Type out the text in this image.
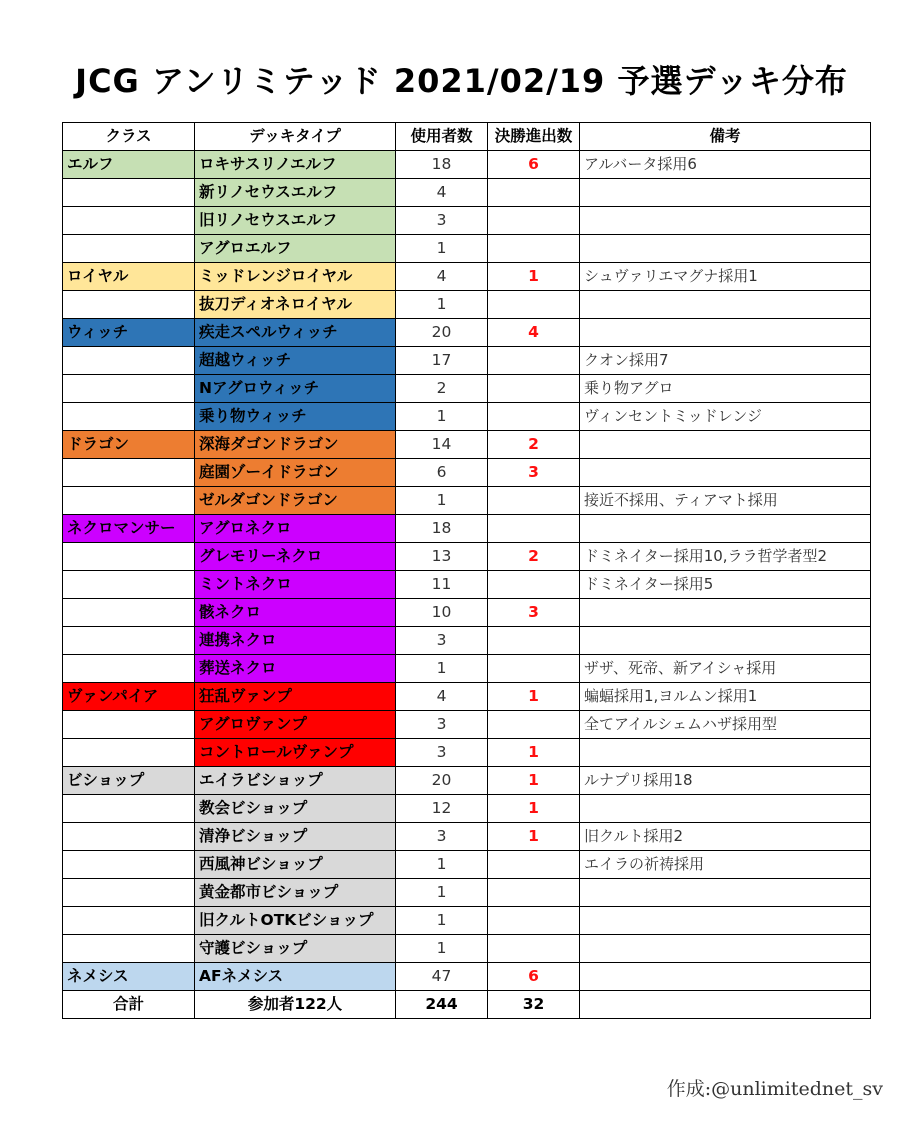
JCG アンリミテッド 2021/02/19 予選デッキ分布
クラス	デッキタイプ	使用者数	決勝進出数	備考
エルフ	ロキサスリノエルフ	18	6	アルバータ採用6
	新リノセウスエルフ	4		
	旧リノセウスエルフ	3		
	アグロエルフ	1		
ロイヤル	ミッドレンジロイヤル	4	1	シュヴァリエマグナ採用1
	抜刀ディオネロイヤル	1		
ウィッチ	疾走スペルウィッチ	20	4	
	超越ウィッチ	17		クオン採用7
	Nアグロウィッチ	2		乗り物アグロ
	乗り物ウィッチ	1		ヴィンセントミッドレンジ
ドラゴン	深海ダゴンドラゴン	14	2	
	庭園ゾーイドラゴン	6	3	
	ゼルダゴンドラゴン	1		接近不採用、ティアマト採用
ネクロマンサー	アグロネクロ	18		
	グレモリーネクロ	13	2	ドミネイター採用10,ララ哲学者型2
	ミントネクロ	11		ドミネイター採用5
	骸ネクロ	10	3	
	連携ネクロ	3		
	葬送ネクロ	1		ザザ、死帝、新アイシャ採用
ヴァンパイア	狂乱ヴァンプ	4	1	蝙蝠採用1,ヨルムン採用1
	アグロヴァンプ	3		全てアイルシェムハザ採用型
	コントロールヴァンプ	3	1	
ビショップ	エイラビショップ	20	1	ルナプリ採用18
	教会ビショップ	12	1	
	清浄ビショップ	3	1	旧クルト採用2
	西風神ビショップ	1		エイラの祈祷採用
	黄金都市ビショップ	1		
	旧クルトOTKビショップ	1		
	守護ビショップ	1		
ネメシス	AFネメシス	47	6	
合計	参加者122人	244	32	
作成:@unlimitednet_sv
